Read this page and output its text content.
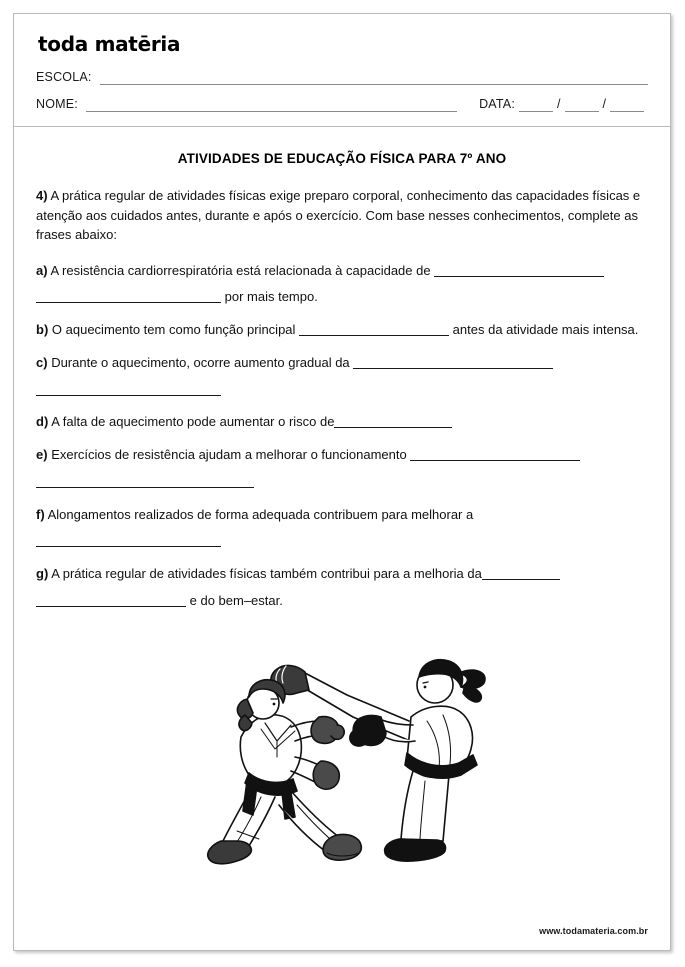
toda matēria
ESCOLA:
NOME:	DATA:	/	/
ATIVIDADES DE EDUCAÇÃO FÍSICA PARA 7º ANO

4) A prática regular de atividades físicas exige preparo corporal, conhecimento das capacidades físicas e atenção aos cuidados antes, durante e após o exercício. Com base nesses conhecimentos, complete as frases abaixo:

a) A resistência cardiorrespiratória está relacionada à capacidade de
por mais tempo.
b) O aquecimento tem como função principal	antes da atividade mais intensa.
c) Durante o aquecimento, ocorre aumento gradual da
d) A falta de aquecimento pode aumentar o risco de
e) Exercícios de resistência ajudam a melhorar o funcionamento
f) Alongamentos realizados de forma adequada contribuem para melhorar a
g) A prática regular de atividades físicas também contribui para a melhoria da
e do bem–estar.
www.todamateria.com.br
